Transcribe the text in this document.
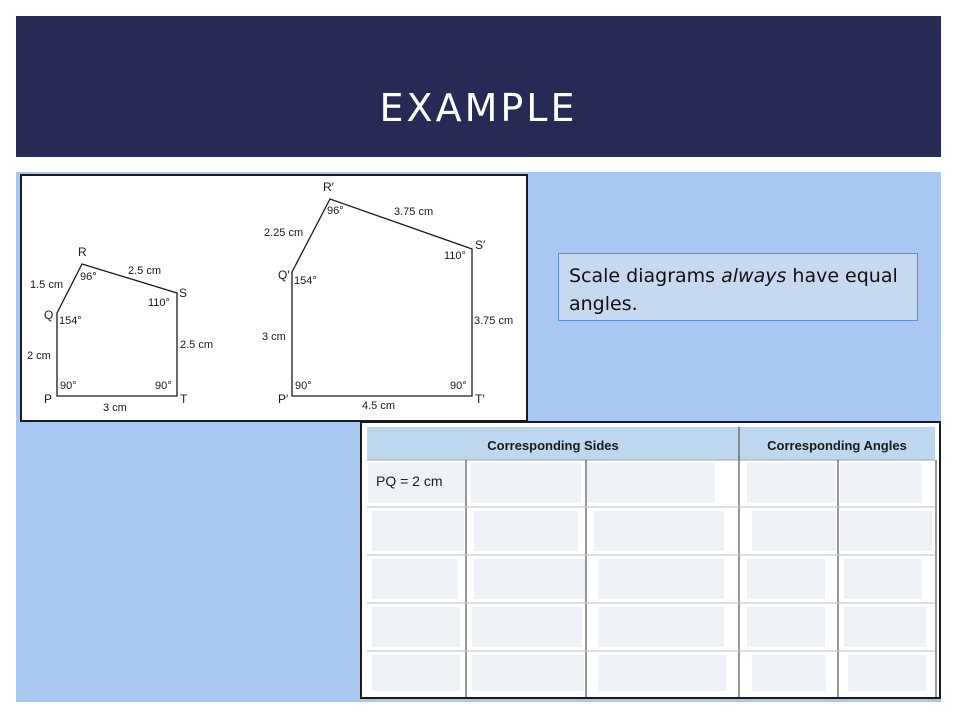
EXAMPLE
P
Q
R
S
T
2 cm
1.5 cm
2.5 cm
2.5 cm
3 cm
90°
154°
96°
110°
90°
P′
Q′
R′
S′
T′
3 cm
2.25 cm
3.75 cm
3.75 cm
4.5 cm
90°
154°
96°
110°
90°
Scale diagrams always have equal angles.
Corresponding Sides	Corresponding Angles
PQ = 2 cm
